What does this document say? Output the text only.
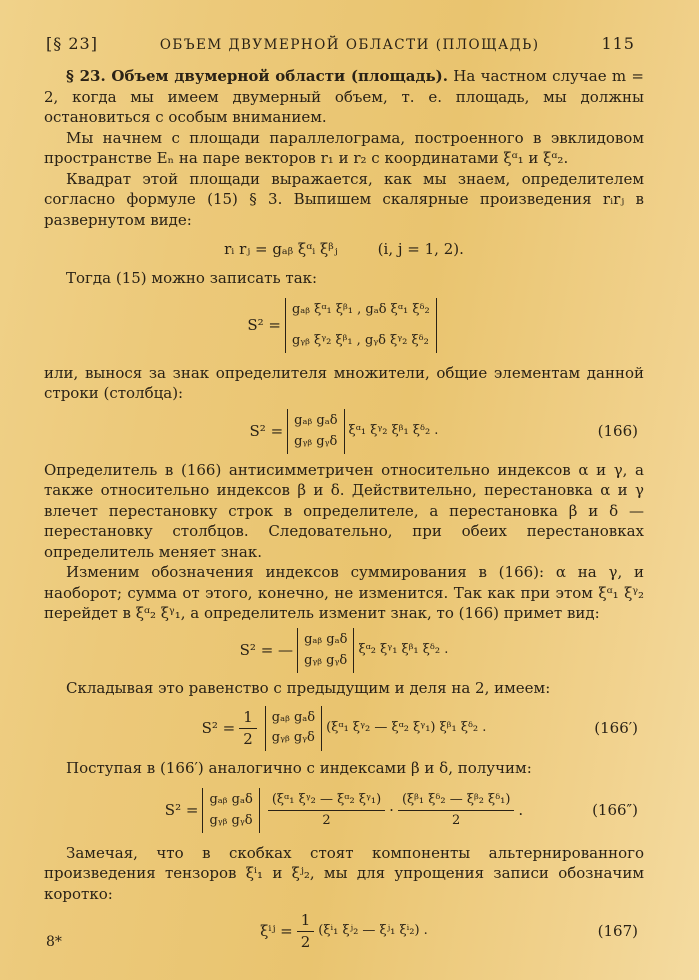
[§ 23]	ОБЪЕМ ДВУМЕРНОЙ ОБЛАСТИ (ПЛОЩАДЬ)	115

§ 23. Объем двумерной области (площадь). На частном случае m = 2, когда мы имеем двумерный объем, т. е. площадь, мы должны остановиться с особым вниманием.

Мы начнем с площади параллелограма, построенного в эвклидовом пространстве Eₙ на паре векторов r₁ и r₂ с координатами ξᵅ₁ и ξᵅ₂.

Квадрат этой площади выражается, как мы знаем, определителем согласно формуле (15) § 3. Выпишем скалярные произведения rᵢrⱼ в развернутом виде:

rᵢ rⱼ = gₐᵦ ξᵅᵢ ξᵝⱼ	(i, j = 1, 2).

Тогда (15) можно записать так:

S² =
gₐᵦ ξᵅ₁ ξᵝ₁ , gₐδ ξᵅ₁ ξᵟ₂
gᵧᵦ ξᵞ₂ ξᵝ₁ , gᵧδ ξᵞ₂ ξᵟ₂

или, вынося за знак определителя множители, общие элементам данной строки (столбца):

S² =
gₐᵦ gₐδ
gᵧᵦ gᵧδ
ξᵅ₁ ξᵞ₂ ξᵝ₁ ξᵟ₂ .	(166)

Определитель в (166) антисимметричен относительно индексов α и γ, а также относительно индексов β и δ. Действительно, перестановка α и γ влечет перестановку строк в определителе, а перестановка β и δ — перестановку столбцов. Следовательно, при обеих перестановках определитель меняет знак.

Изменим обозначения индексов суммирования в (166): α на γ, и наоборот; сумма от этого, конечно, не изменится. Так как при этом ξᵅ₁ ξᵞ₂ перейдет в ξᵅ₂ ξᵞ₁, а определитель изменит знак, то (166) примет вид:

S² = —
gₐᵦ gₐδ
gᵧᵦ gᵧδ
ξᵅ₂ ξᵞ₁ ξᵝ₁ ξᵟ₂ .

Складывая это равенство с предыдущим и деля на 2, имеем:

$S^2 = \frac{1}{2}$ gₐᵦ gₐδ
gᵧᵦ gᵧδ
(ξᵅ₁ ξᵞ₂ — ξᵅ₂ ξᵞ₁) ξᵝ₁ ξᵟ₂ .	(166′)

Поступая в (166′) аналогично с индексами β и δ, получим:

S² =
gₐᵦ gₐδ
gᵧᵦ gᵧδ $\frac{\text{(ξᵅ₁ ξᵞ₂ — ξᵅ₂ ξᵞ₁)}}{2} \cdot \frac{\text{(ξᵝ₁ ξᵟ₂ — ξᵝ₂ ξᵟ₁)}}{2}$ .	(166″)

Замечая, что в скобках стоят компоненты альтернированного произведения тензоров ξⁱ₁ и ξʲ₂, мы для упрощения записи обозначим коротко:

ξⁱʲ = $\frac{1}{2} (\xi^i_1$ ξʲ₂ — ξʲ₁ ξⁱ₂) .	(167)
8*
